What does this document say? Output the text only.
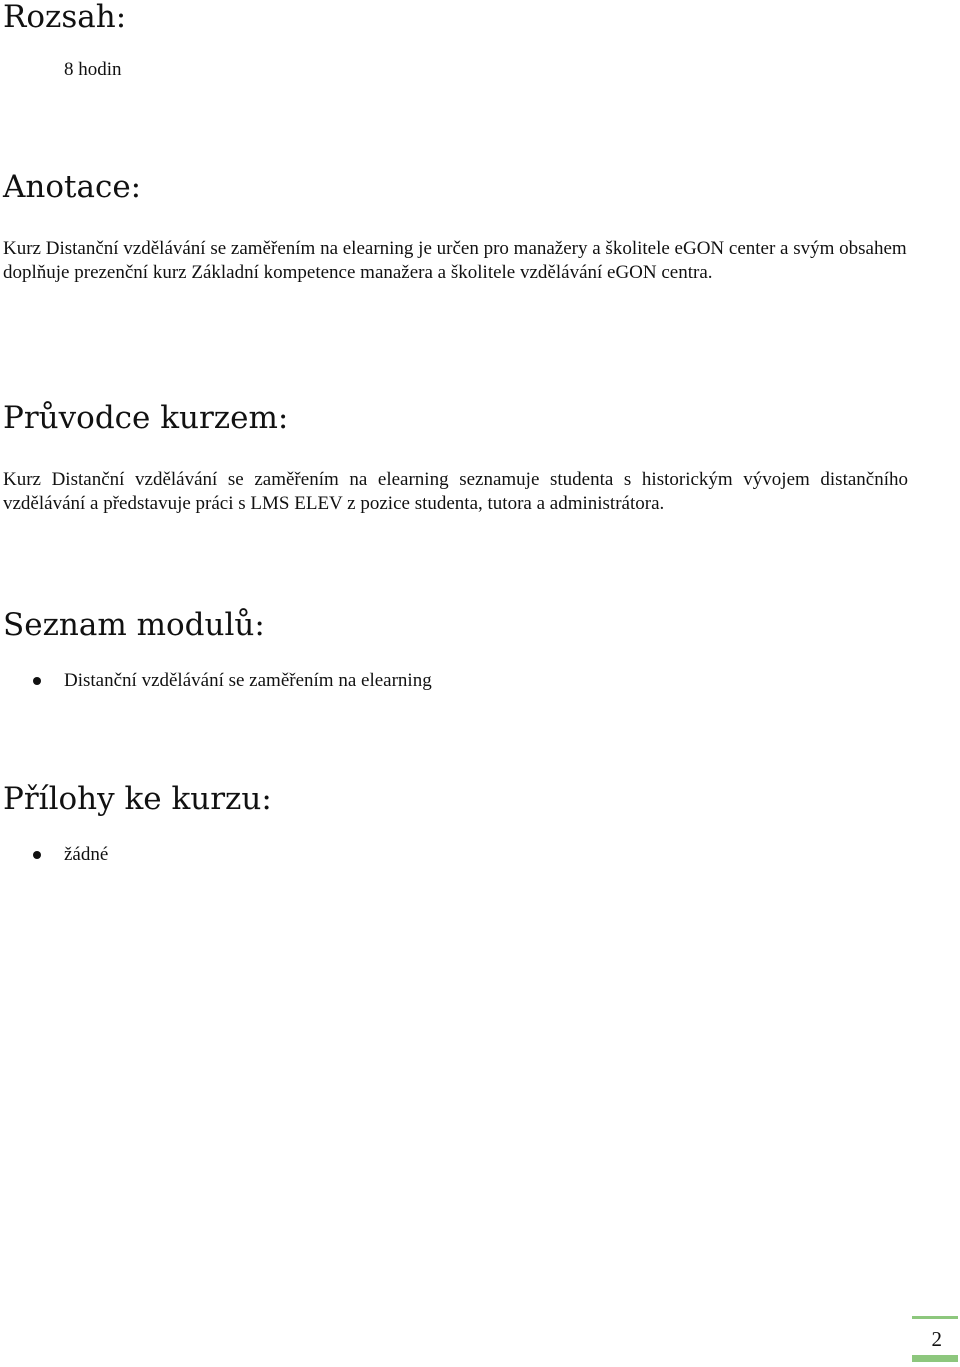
Rozsah:

8 hodin

Anotace:

Kurz Distanční vzdělávání se zaměřením na elearning je určen pro manažery a školitele eGON center a svým obsahem doplňuje prezenční kurz Základní kompetence manažera a školitele vzdělávání eGON centra.

Průvodce kurzem:

Kurz Distanční vzdělávání se zaměřením na elearning seznamuje studenta s historickým vývojem distančního vzdělávání a představuje práci s LMS ELEV z pozice studenta, tutora a administrátora.

Seznam modulů:
Distanční vzdělávání se zaměřením na elearning
Přílohy ke kurzu:
žádné
2
